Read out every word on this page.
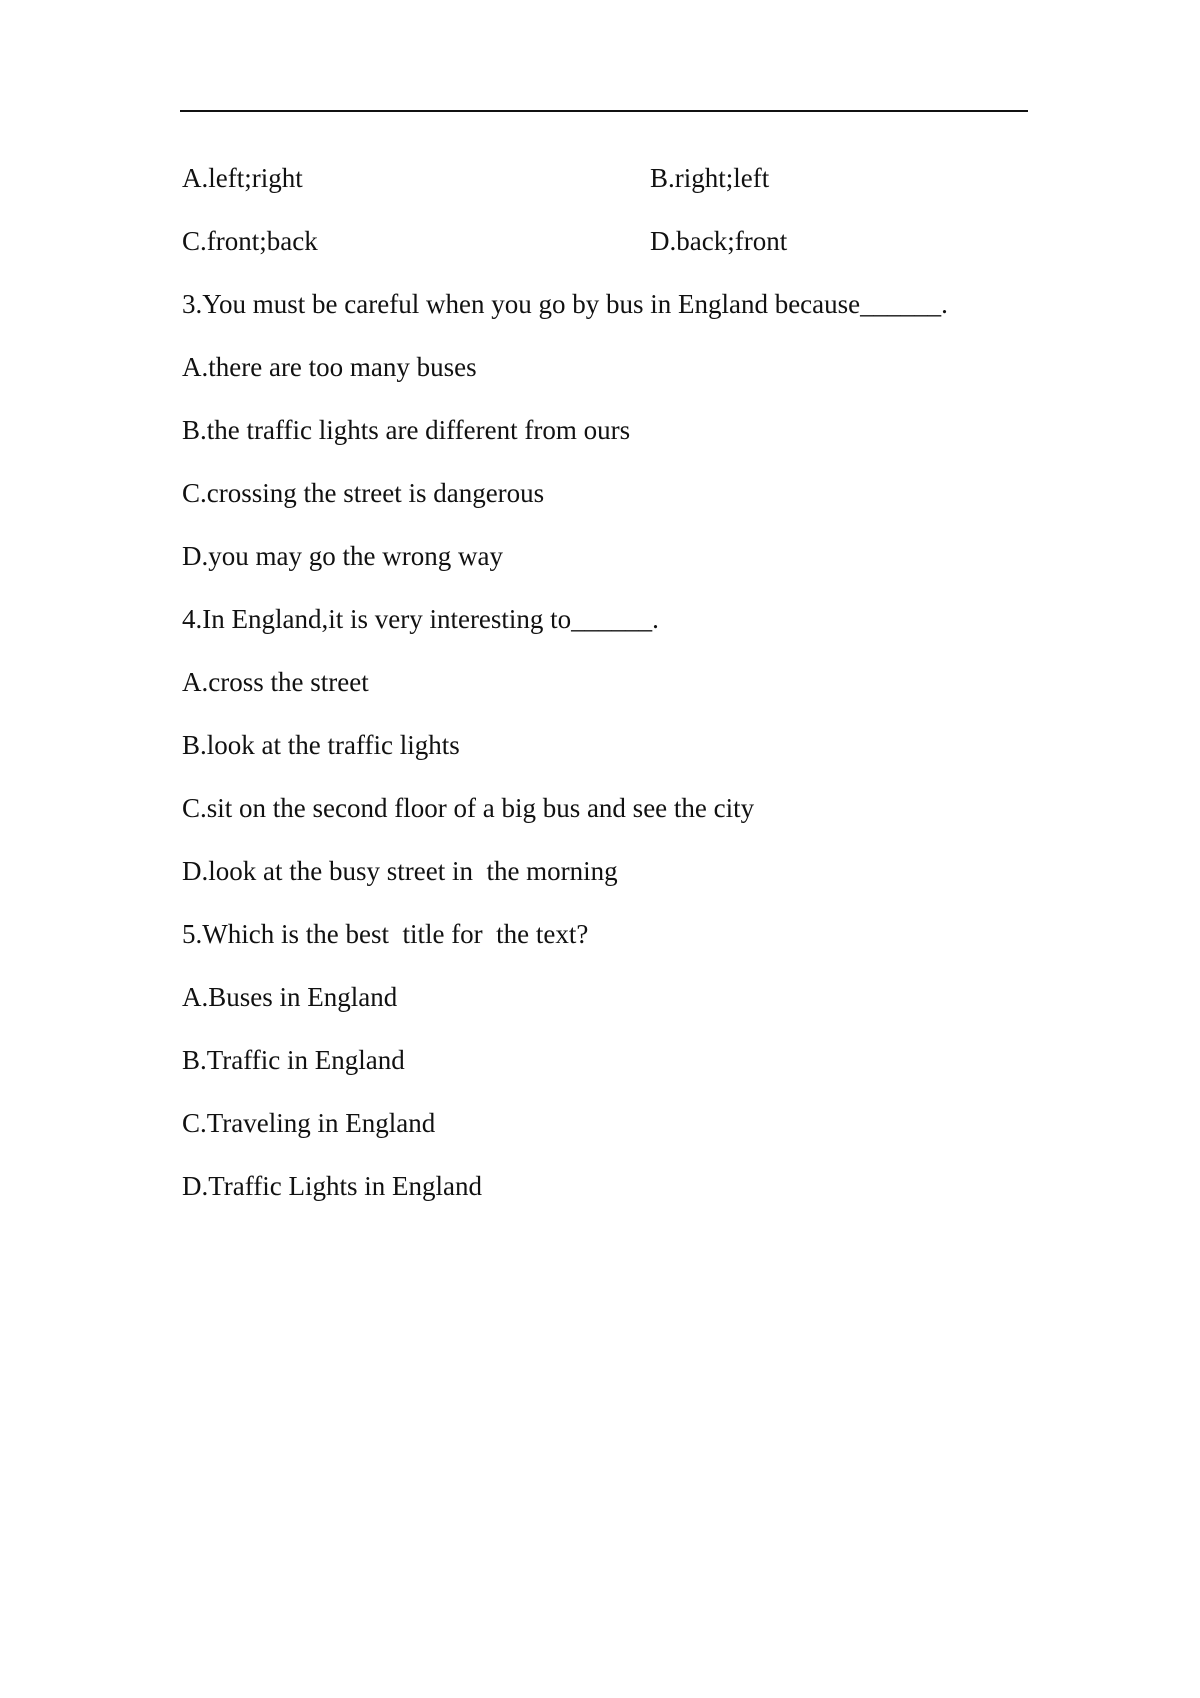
A.left;right	B.right;left
C.front;back	D.back;front
3.You must be careful when you go by bus in England because______.
A.there are too many buses
B.the traffic lights are different from ours
C.crossing the street is dangerous
D.you may go the wrong way
4.In England,it is very interesting to______.
A.cross the street
B.look at the traffic lights
C.sit on the second floor of a big bus and see the city
D.look at the busy street in  the morning
5.Which is the best  title for  the text?
A.Buses in England
B.Traffic in England
C.Traveling in England
D.Traffic Lights in England
